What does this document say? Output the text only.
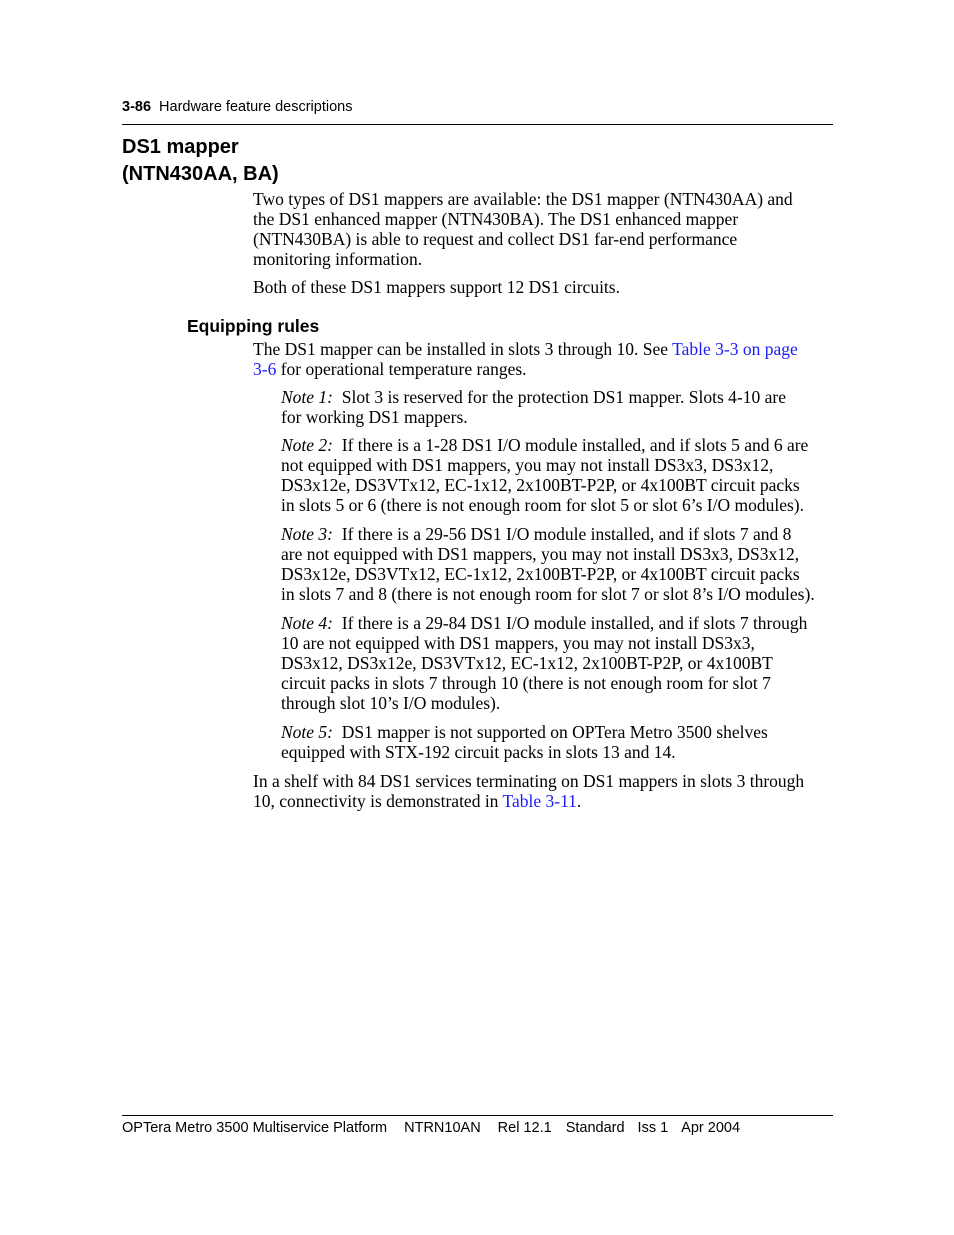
3-86 Hardware feature descriptions
DS1 mapper
(NTN430AA, BA)
Equipping rules
Two types of DS1 mappers are available: the DS1 mapper (NTN430AA) and
the DS1 enhanced mapper (NTN430BA). The DS1 enhanced mapper
(NTN430BA) is able to request and collect DS1 far-end performance
monitoring information.
Both of these DS1 mappers support 12 DS1 circuits.
The DS1 mapper can be installed in slots 3 through 10. See Table 3-3 on page
3-6 for operational temperature ranges.
Note 1:  Slot 3 is reserved for the protection DS1 mapper. Slots 4-10 are
for working DS1 mappers.
Note 2:  If there is a 1-28 DS1 I/O module installed, and if slots 5 and 6 are
not equipped with DS1 mappers, you may not install DS3x3, DS3x12,
DS3x12e, DS3VTx12, EC-1x12, 2x100BT-P2P, or 4x100BT circuit packs
in slots 5 or 6 (there is not enough room for slot 5 or slot 6’s I/O modules).
Note 3:  If there is a 29-56 DS1 I/O module installed, and if slots 7 and 8
are not equipped with DS1 mappers, you may not install DS3x3, DS3x12,
DS3x12e, DS3VTx12, EC-1x12, 2x100BT-P2P, or 4x100BT circuit packs
in slots 7 and 8 (there is not enough room for slot 7 or slot 8’s I/O modules).
Note 4:  If there is a 29-84 DS1 I/O module installed, and if slots 7 through
10 are not equipped with DS1 mappers, you may not install DS3x3,
DS3x12, DS3x12e, DS3VTx12, EC-1x12, 2x100BT-P2P, or 4x100BT
circuit packs in slots 7 through 10 (there is not enough room for slot 7
through slot 10’s I/O modules).
Note 5:  DS1 mapper is not supported on OPTera Metro 3500 shelves
equipped with STX-192 circuit packs in slots 13 and 14.
In a shelf with 84 DS1 services terminating on DS1 mappers in slots 3 through
10, connectivity is demonstrated in Table 3-11.
OPTera Metro 3500 Multiservice Platform NTRN10AN Rel 12.1 Standard Iss 1 Apr 2004
